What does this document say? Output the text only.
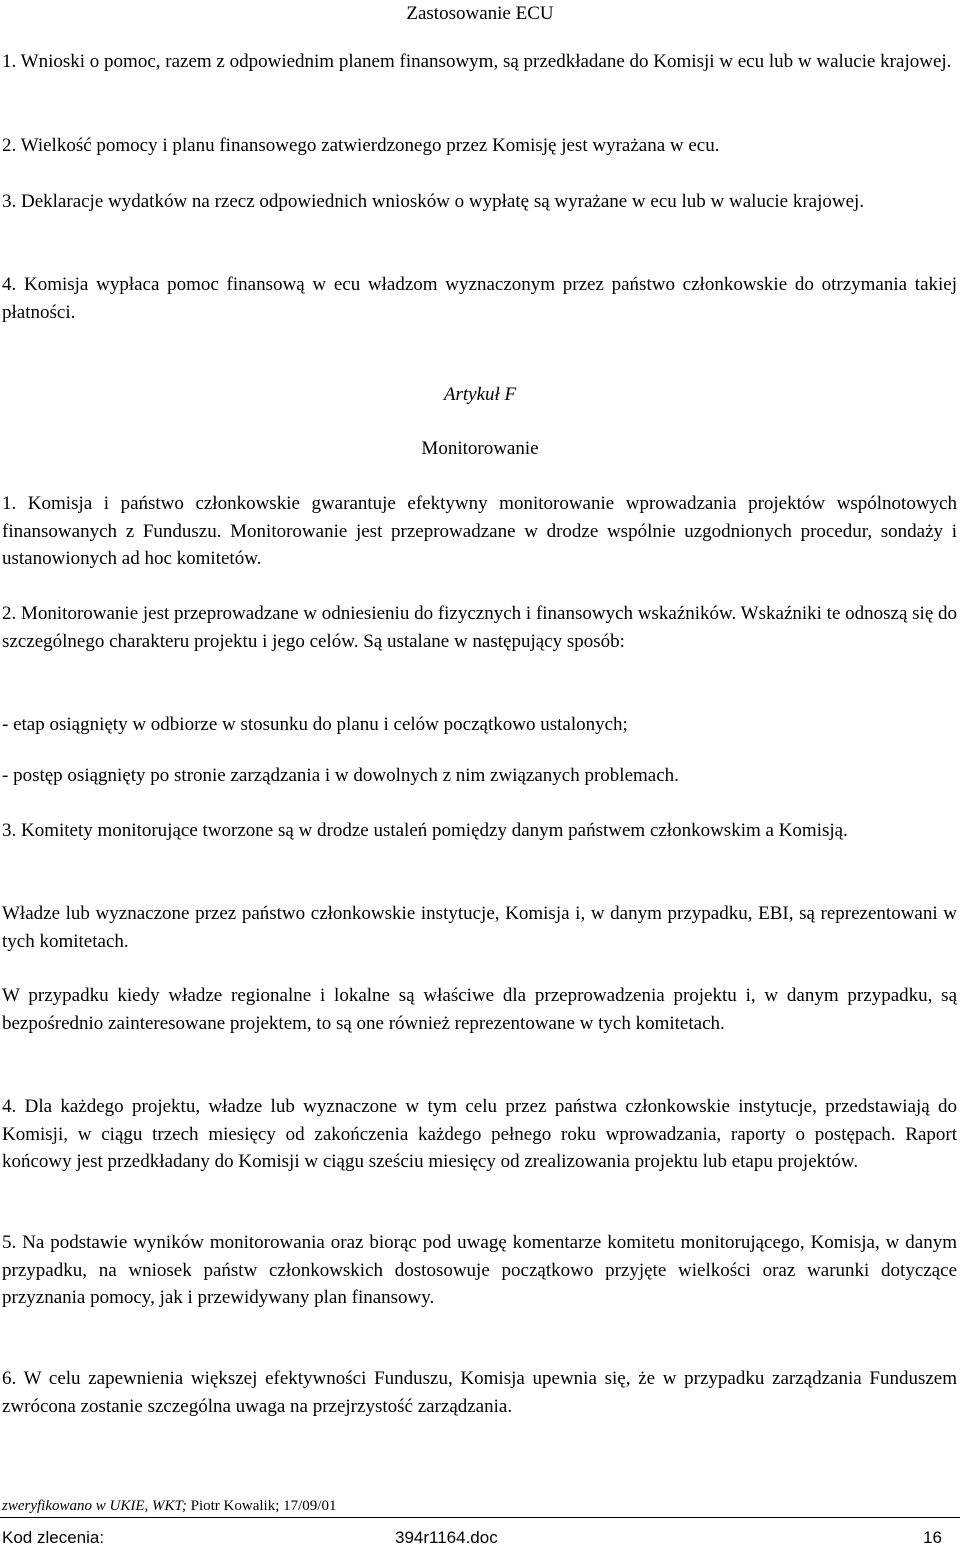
Zastosowanie ECU

1. Wnioski o pomoc, razem z odpowiednim planem finansowym, są przedkładane do Komisji w ecu lub w walucie krajowej.

2. Wielkość pomocy i planu finansowego zatwierdzonego przez Komisję jest wyrażana w ecu.

3. Deklaracje wydatków na rzecz odpowiednich wniosków o wypłatę są wyrażane w ecu lub w walucie krajowej.

4. Komisja wypłaca pomoc finansową w ecu władzom wyznaczonym przez państwo członkowskie do otrzymania takiej płatności.

Artykuł F

Monitorowanie

1. Komisja i państwo członkowskie gwarantuje efektywny monitorowanie wprowadzania projektów wspólnotowych finansowanych z Funduszu. Monitorowanie jest przeprowadzane w drodze wspólnie uzgodnionych procedur, sondaży i ustanowionych ad hoc komitetów.

2. Monitorowanie jest przeprowadzane w odniesieniu do fizycznych i finansowych wskaźników. Wskaźniki te odnoszą się do szczególnego charakteru projektu i jego celów. Są ustalane w następujący sposób:

- etap osiągnięty w odbiorze w stosunku do planu i celów początkowo ustalonych;

- postęp osiągnięty po stronie zarządzania i w dowolnych z nim związanych problemach.

3. Komitety monitorujące tworzone są w drodze ustaleń pomiędzy danym państwem członkowskim a Komisją.

Władze lub wyznaczone przez państwo członkowskie instytucje, Komisja i, w danym przypadku, EBI, są reprezentowani w tych komitetach.

W przypadku kiedy władze regionalne i lokalne są właściwe dla przeprowadzenia projektu i, w danym przypadku, są bezpośrednio zainteresowane projektem, to są one również reprezentowane w tych komitetach.

4. Dla każdego projektu, władze lub wyznaczone w tym celu przez państwa członkowskie instytucje, przedstawiają do Komisji, w ciągu trzech miesięcy od zakończenia każdego pełnego roku wprowadzania, raporty o postępach. Raport końcowy jest przedkładany do Komisji w ciągu sześciu miesięcy od zrealizowania projektu lub etapu projektów.

5. Na podstawie wyników monitorowania oraz biorąc pod uwagę komentarze komitetu monitorującego, Komisja, w danym przypadku, na wniosek państw członkowskich dostosowuje początkowo przyjęte wielkości oraz warunki dotyczące przyznania pomocy, jak i przewidywany plan finansowy.

6. W celu zapewnienia większej efektywności Funduszu, Komisja upewnia się, że w przypadku zarządzania Funduszem zwrócona zostanie szczególna uwaga na przejrzystość zarządzania.

zweryfikowano w UKIE, WKT; Piotr Kowalik; 17/09/01
Kod zlecenia:	394r1164.doc	16
